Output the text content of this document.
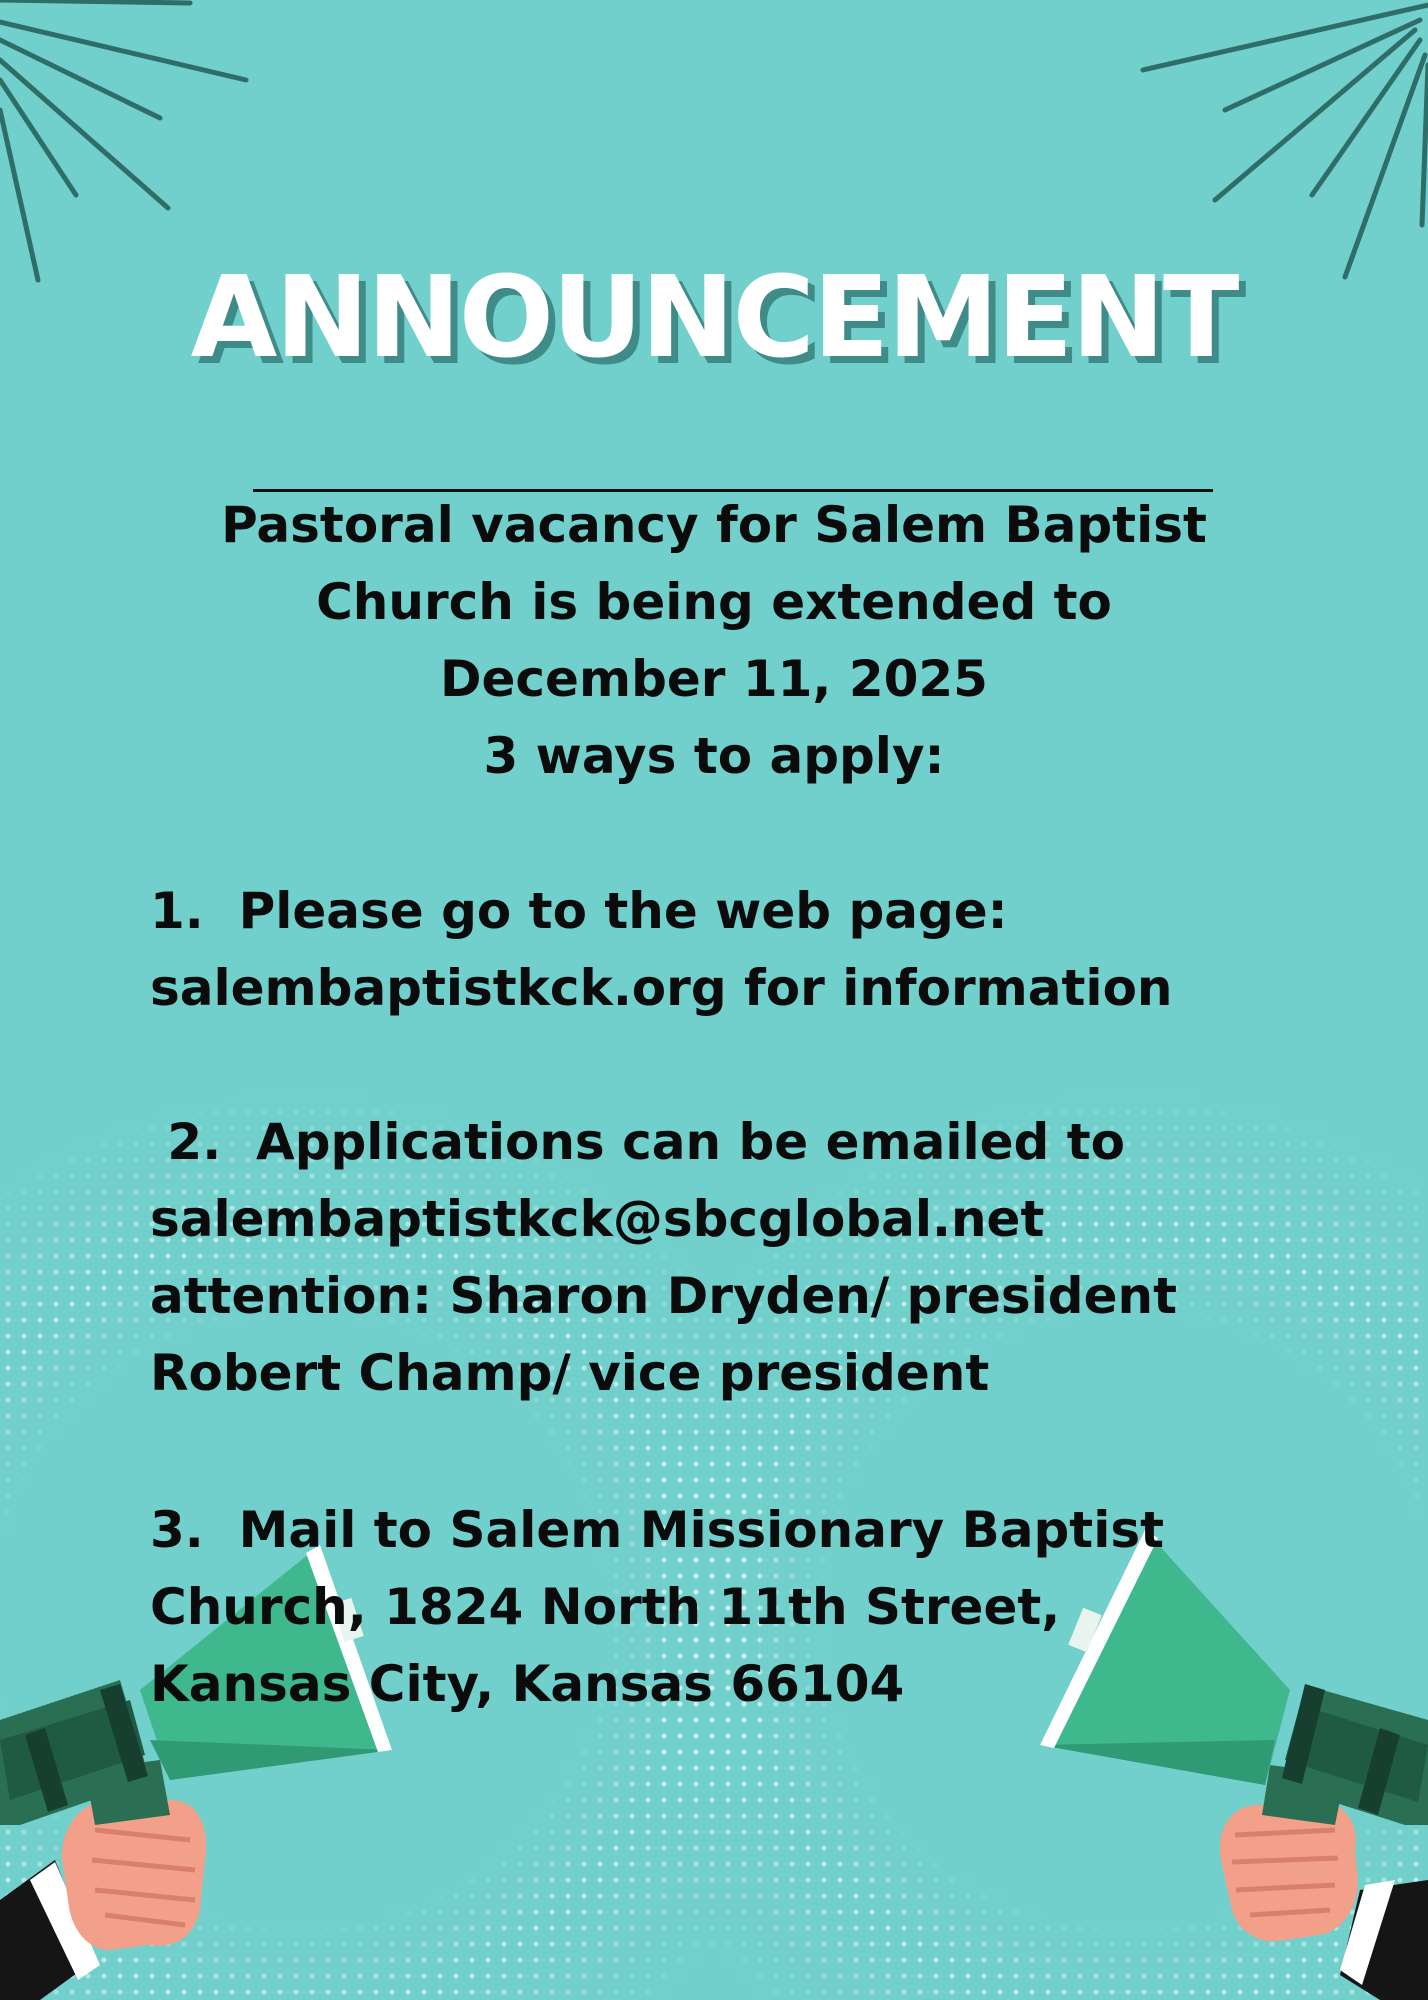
ANNOUNCEMENT
Pastoral vacancy for Salem Baptist
Church is being extended to
December 11, 2025
3 ways to apply:
1.  Please go to the web page:
salembaptistkck.org for information
2.  Applications can be emailed to
salembaptistkck@sbcglobal.net
attention: Sharon Dryden/ president
Robert Champ/ vice president
3.  Mail to Salem Missionary Baptist
Church, 1824 North 11th Street,
Kansas City, Kansas 66104
